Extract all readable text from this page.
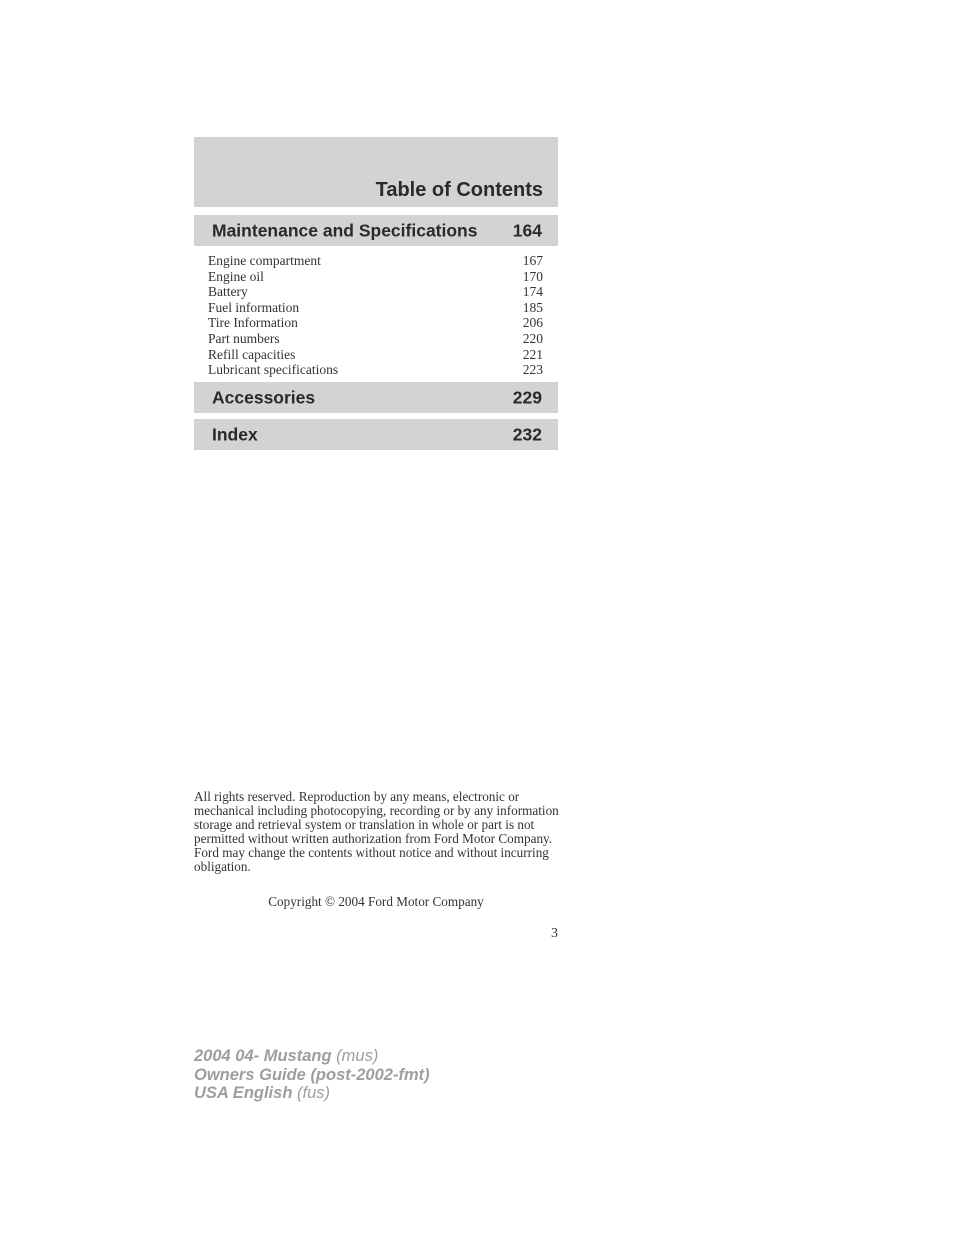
Table of Contents
Maintenance and Specifications 164
Engine compartment	167
Engine oil	170
Battery	174
Fuel information	185
Tire Information	206
Part numbers	220
Refill capacities	221
Lubricant specifications	223
Accessories	229
Index	232

All rights reserved. Reproduction by any means, electronic or mechanical including photocopying, recording or by any information storage and retrieval system or translation in whole or part is not permitted without written authorization from Ford Motor Company. Ford may change the contents without notice and without incurring obligation.

Copyright © 2004 Ford Motor Company

3
2004 04- Mustang (mus)
Owners Guide (post-2002-fmt)
USA English (fus)
